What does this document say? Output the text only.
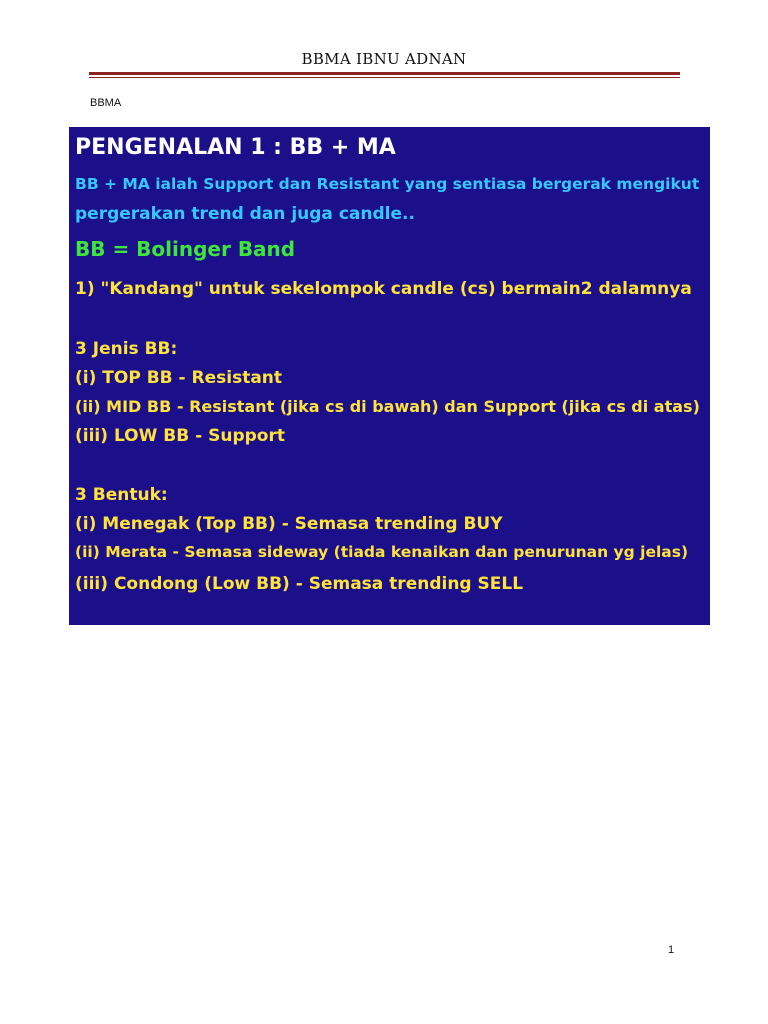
BBMA IBNU ADNAN
BBMA
PENGENALAN 1 : BB + MA
BB + MA ialah Support dan Resistant yang sentiasa bergerak mengikut
pergerakan trend dan juga candle..
BB = Bolinger Band
1) "Kandang" untuk sekelompok candle (cs) bermain2 dalamnya
3 Jenis BB:
(i) TOP BB - Resistant
(ii) MID BB - Resistant (jika cs di bawah) dan Support (jika cs di atas)
(iii) LOW BB - Support
3 Bentuk:
(i) Menegak (Top BB) - Semasa trending BUY
(ii) Merata - Semasa sideway (tiada kenaikan dan penurunan yg jelas)
(iii) Condong (Low BB) - Semasa trending SELL
1
